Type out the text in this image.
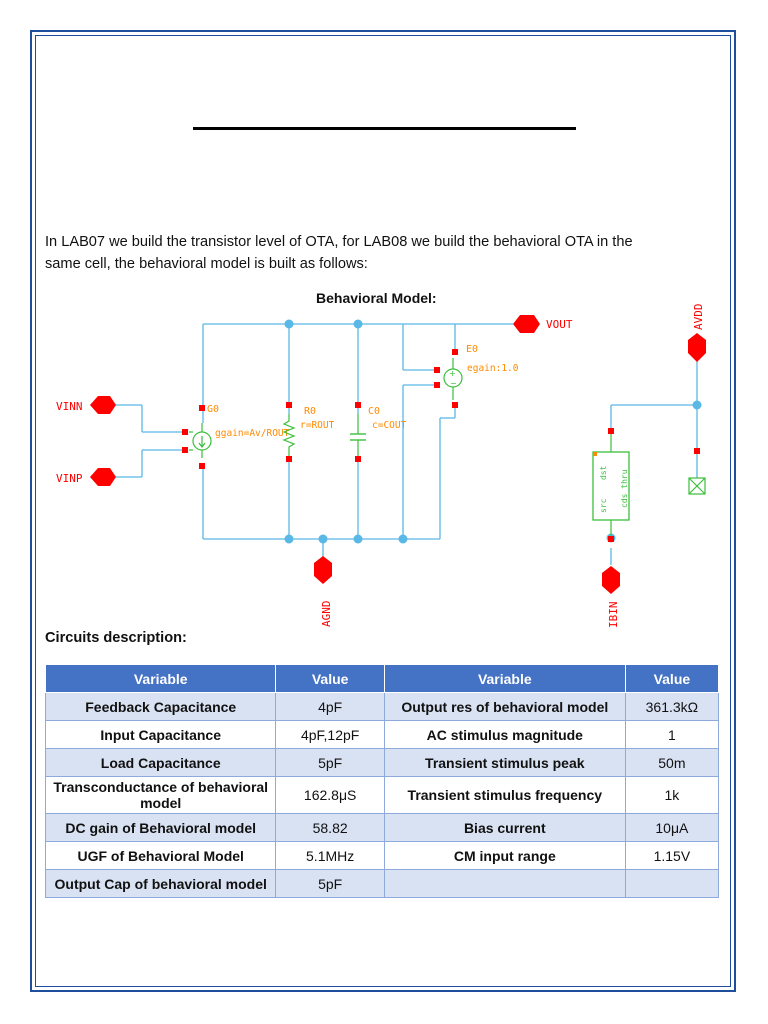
In LAB07 we build the transistor level of OTA, for LAB08 we build the behavioral OTA in the
same cell, the behavioral model is built as follows:

Behavioral Model:
VINN
VINP
VOUT
AGND
AVDD
IBIN
G0
ggain=Av/ROUT
R0
r=ROUT
C0
c=COUT
+
−
E0
egain:1.0
dst
src cds_thru
Circuits description:
Variable	Value	Variable	Value
Feedback Capacitance	4pF	Output res of behavioral model	361.3kΩ
Input Capacitance	4pF,12pF	AC stimulus magnitude	1
Load Capacitance	5pF	Transient stimulus peak	50m
Transconductance of behavioral model	162.8μS	Transient stimulus frequency	1k
DC gain of Behavioral model	58.82	Bias current	10μA
UGF of Behavioral Model	5.1MHz	CM input range	1.15V
Output Cap of behavioral model	5pF		
